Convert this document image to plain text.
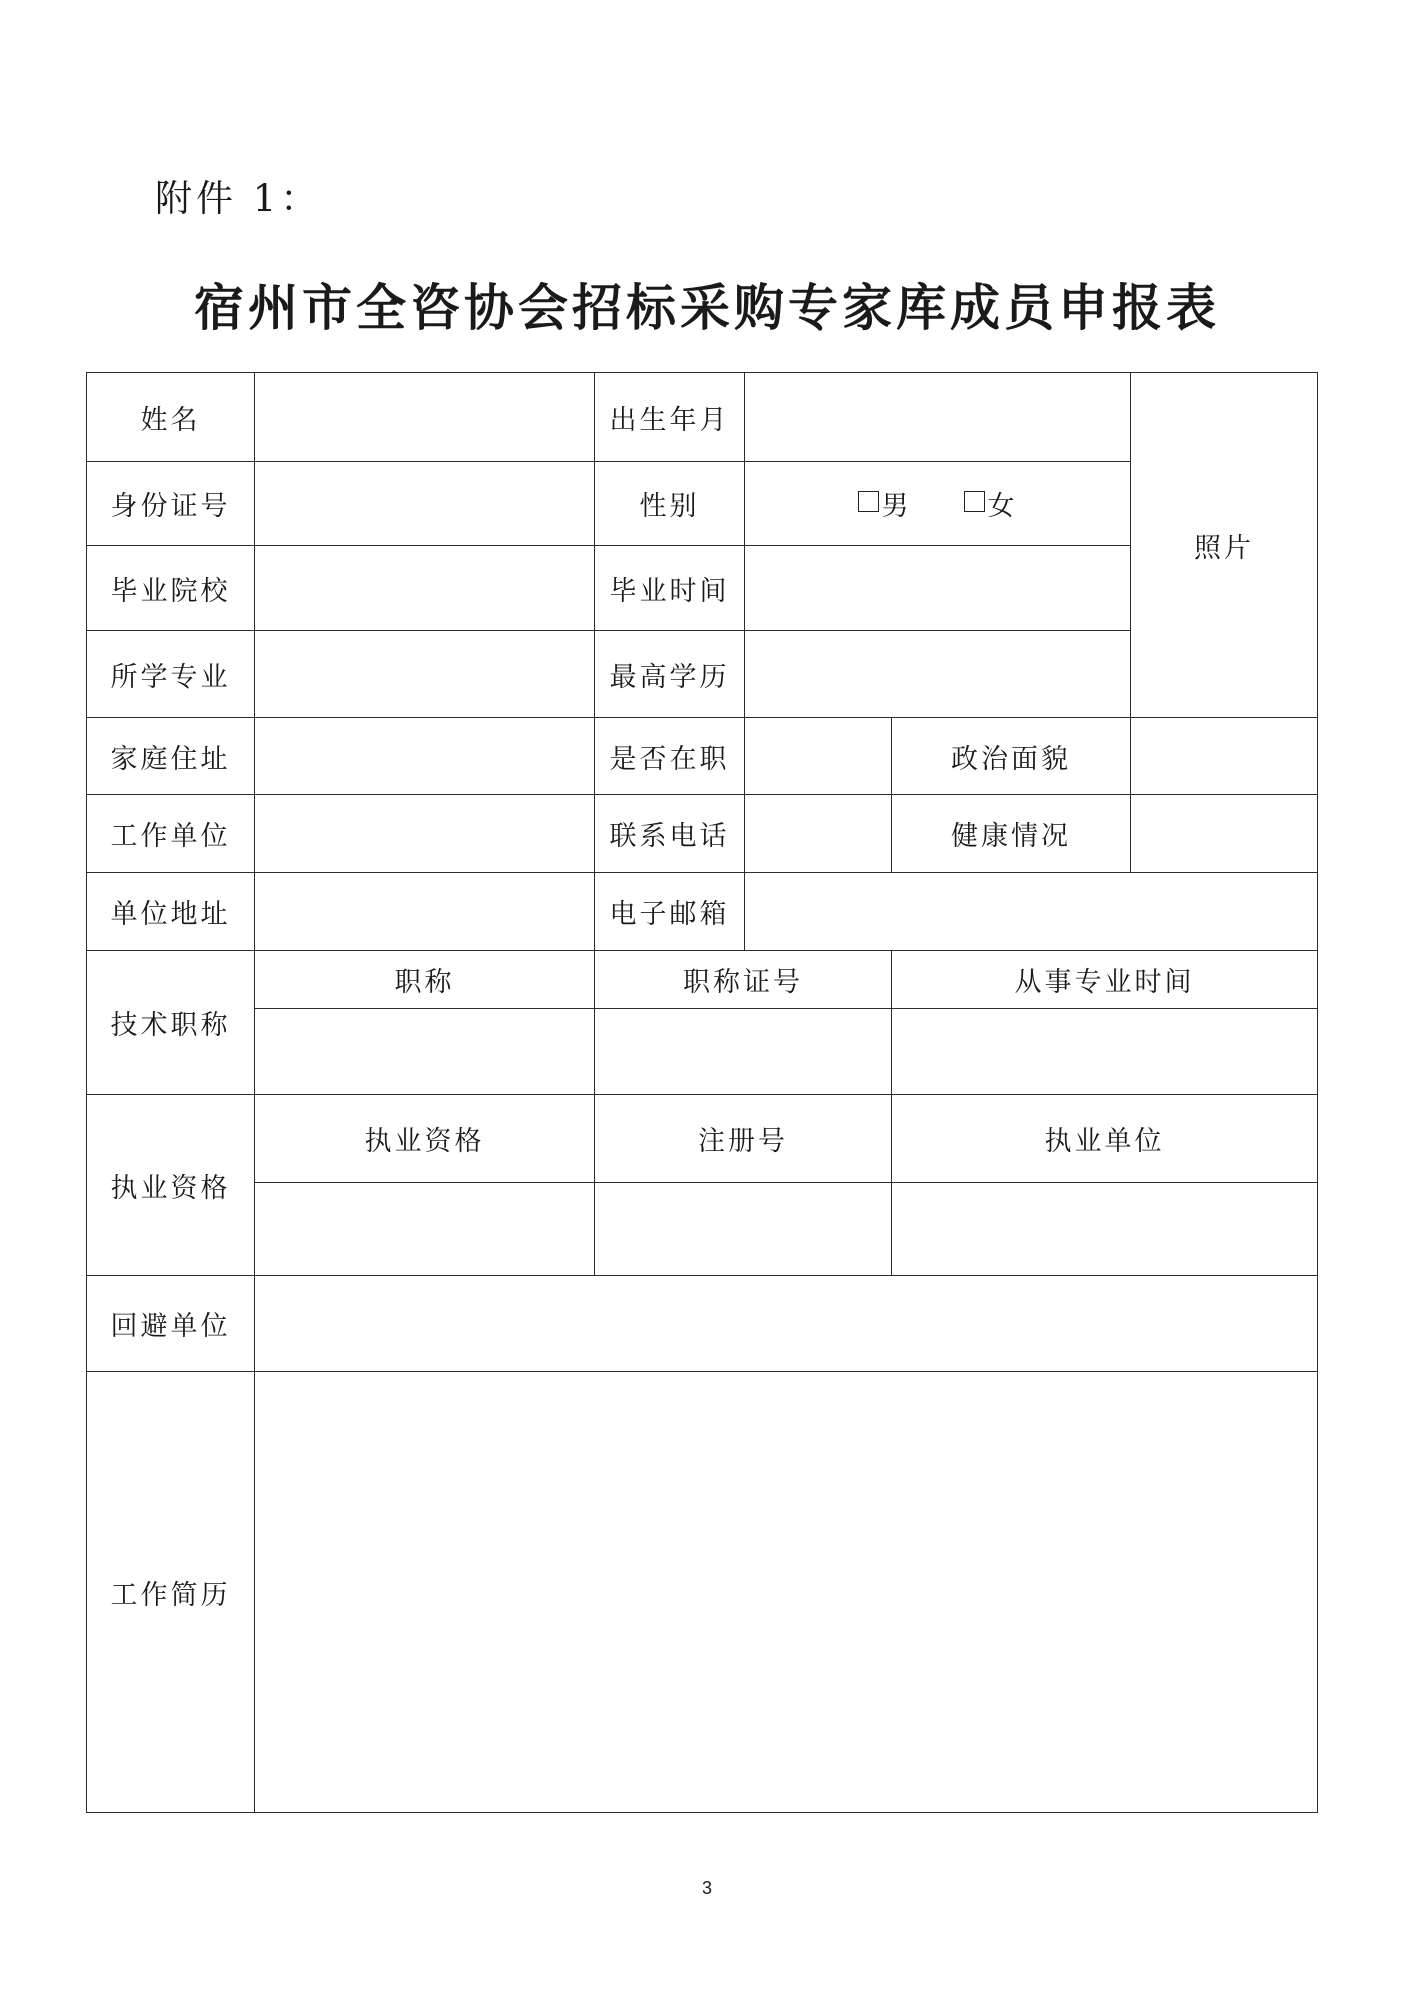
附件 1：
宿州市全咨协会招标采购专家库成员申报表
姓名		出生年月			照片
身份证号		性别	男 女		

毕业院校		毕业时间			
所学专业		最高学历			
家庭住址		是否在职		政治面貌	
工作单位		联系电话		健康情况	
单位地址		电子邮箱			
技术职称	职称	职称证号		从事专业时间	

执业资格	执业资格	注册号		执业单位	

回避单位					
工作简历					
3
